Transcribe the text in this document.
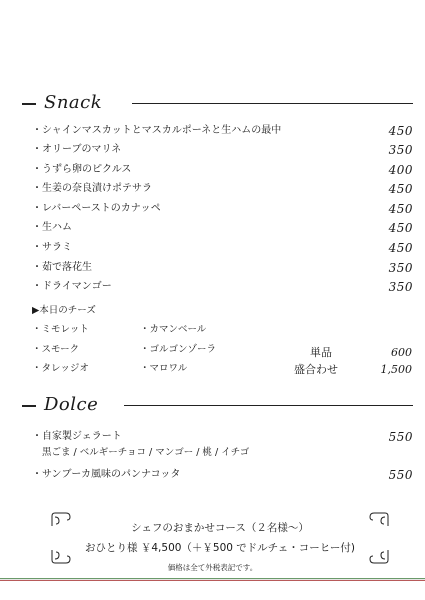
Snack
・シャインマスカットとマスカルポーネと生ハムの最中	450
・オリーブのマリネ	350
・うずら卵のピクルス	400
・生姜の奈良漬けポテサラ	450
・レバーペーストのカナッペ	450
・生ハム	450
・サラミ	450
・茹で落花生	350
・ドライマンゴー	350
▶本日のチーズ
・ミモレット	・カマンベール
・スモーク	・ゴルゴンゾーラ
・タレッジオ	・マロワル
単品	600
盛合わせ	1,500
Dolce
・自家製ジェラート	550
黒ごま / ベルギーチョコ / マンゴー / 桃 / イチゴ
・サンブーカ風味のパンナコッタ	550
シェフのおまかせコース（２名様～）
おひとり様 ￥4,500（＋￥500 でドルチェ・コーヒー付)
価格は全て外税表記です。
